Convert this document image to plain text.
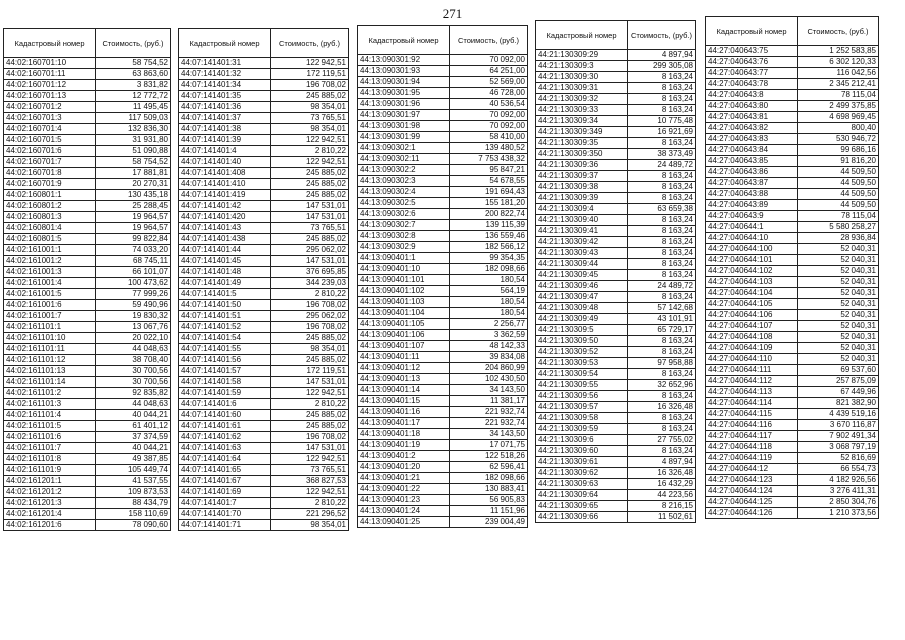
271
Кадастровый номер	Стоимость, (руб.)
44:02:160701:10	58 754,52
44:02:160701:11	63 863,60
44:02:160701:12	3 831,82
44:02:160701:13	12 772,72
44:02:160701:2	11 495,45
44:02:160701:3	117 509,03
44:02:160701:4	132 836,30
44:02:160701:5	31 931,80
44:02:160701:6	51 090,88
44:02:160701:7	58 754,52
44:02:160701:8	17 881,81
44:02:160701:9	20 270,31
44:02:160801:1	130 435,18
44:02:160801:2	25 288,45
44:02:160801:3	19 964,57
44:02:160801:4	19 964,57
44:02:160801:5	99 822,84
44:02:161001:1	74 033,20
44:02:161001:2	68 745,11
44:02:161001:3	66 101,07
44:02:161001:4	100 473,62
44:02:161001:5	77 999,26
44:02:161001:6	59 490,96
44:02:161001:7	19 830,32
44:02:161101:1	13 067,76
44:02:161101:10	20 022,10
44:02:161101:11	44 048,63
44:02:161101:12	38 708,40
44:02:161101:13	30 700,56
44:02:161101:14	30 700,56
44:02:161101:2	92 835,82
44:02:161101:3	44 048,63
44:02:161101:4	40 044,21
44:02:161101:5	61 401,12
44:02:161101:6	37 374,59
44:02:161101:7	40 044,21
44:02:161101:8	49 387,85
44:02:161101:9	105 449,74
44:02:161201:1	41 537,55
44:02:161201:2	109 873,53
44:02:161201:3	88 434,79
44:02:161201:4	158 110,69
44:02:161201:6	78 090,60
Кадастровый номер	Стоимость, (руб.)
44:07:141401:31	122 942,51
44:07:141401:32	172 119,51
44:07:141401:34	196 708,02
44:07:141401:35	245 885,02
44:07:141401:36	98 354,01
44:07:141401:37	73 765,51
44:07:141401:38	98 354,01
44:07:141401:39	122 942,51
44:07:141401:4	2 810,22
44:07:141401:40	122 942,51
44:07:141401:408	245 885,02
44:07:141401:410	245 885,02
44:07:141401:419	245 885,02
44:07:141401:42	147 531,01
44:07:141401:420	147 531,01
44:07:141401:43	73 765,51
44:07:141401:438	245 885,02
44:07:141401:44	295 062,02
44:07:141401:45	147 531,01
44:07:141401:48	376 695,85
44:07:141401:49	344 239,03
44:07:141401:5	2 810,22
44:07:141401:50	196 708,02
44:07:141401:51	295 062,02
44:07:141401:52	196 708,02
44:07:141401:54	245 885,02
44:07:141401:55	98 354,01
44:07:141401:56	245 885,02
44:07:141401:57	172 119,51
44:07:141401:58	147 531,01
44:07:141401:59	122 942,51
44:07:141401:6	2 810,22
44:07:141401:60	245 885,02
44:07:141401:61	245 885,02
44:07:141401:62	196 708,02
44:07:141401:63	147 531,01
44:07:141401:64	122 942,51
44:07:141401:65	73 765,51
44:07:141401:67	368 827,53
44:07:141401:69	122 942,51
44:07:141401:7	2 810,22
44:07:141401:70	221 296,52
44:07:141401:71	98 354,01
Кадастровый номер	Стоимость, (руб.)
44:13:090301:92	70 092,00
44:13:090301:93	64 251,00
44:13:090301:94	52 569,00
44:13:090301:95	46 728,00
44:13:090301:96	40 536,54
44:13:090301:97	70 092,00
44:13:090301:98	70 092,00
44:13:090301:99	58 410,00
44:13:090302:1	139 480,52
44:13:090302:11	7 753 438,32
44:13:090302:2	95 847,21
44:13:090302:3	54 678,55
44:13:090302:4	191 694,43
44:13:090302:5	155 181,20
44:13:090302:6	200 822,74
44:13:090302:7	139 115,39
44:13:090302:8	136 559,46
44:13:090302:9	182 566,12
44:13:090401:1	99 354,35
44:13:090401:10	182 098,66
44:13:090401:101	180,54
44:13:090401:102	564,19
44:13:090401:103	180,54
44:13:090401:104	180,54
44:13:090401:105	2 256,77
44:13:090401:106	3 362,59
44:13:090401:107	48 142,33
44:13:090401:11	39 834,08
44:13:090401:12	204 860,99
44:13:090401:13	102 430,50
44:13:090401:14	34 143,50
44:13:090401:15	11 381,17
44:13:090401:16	221 932,74
44:13:090401:17	221 932,74
44:13:090401:18	34 143,50
44:13:090401:19	17 071,75
44:13:090401:2	122 518,26
44:13:090401:20	62 596,41
44:13:090401:21	182 098,66
44:13:090401:22	130 883,41
44:13:090401:23	56 905,83
44:13:090401:24	11 151,96
44:13:090401:25	239 004,49
Кадастровый номер	Стоимость, (руб.)
44:21:130309:29	4 897,94
44:21:130309:3	299 305,08
44:21:130309:30	8 163,24
44:21:130309:31	8 163,24
44:21:130309:32	8 163,24
44:21:130309:33	8 163,24
44:21:130309:34	10 775,48
44:21:130309:349	16 921,69
44:21:130309:35	8 163,24
44:21:130309:350	38 373,49
44:21:130309:36	24 489,72
44:21:130309:37	8 163,24
44:21:130309:38	8 163,24
44:21:130309:39	8 163,24
44:21:130309:4	63 659,38
44:21:130309:40	8 163,24
44:21:130309:41	8 163,24
44:21:130309:42	8 163,24
44:21:130309:43	8 163,24
44:21:130309:44	8 163,24
44:21:130309:45	8 163,24
44:21:130309:46	24 489,72
44:21:130309:47	8 163,24
44:21:130309:48	57 142,68
44:21:130309:49	43 101,91
44:21:130309:5	65 729,17
44:21:130309:50	8 163,24
44:21:130309:52	8 163,24
44:21:130309:53	97 958,88
44:21:130309:54	8 163,24
44:21:130309:55	32 652,96
44:21:130309:56	8 163,24
44:21:130309:57	16 326,48
44:21:130309:58	8 163,24
44:21:130309:59	8 163,24
44:21:130309:6	27 755,02
44:21:130309:60	8 163,24
44:21:130309:61	4 897,94
44:21:130309:62	16 326,48
44:21:130309:63	16 432,29
44:21:130309:64	44 223,56
44:21:130309:65	8 216,15
44:21:130309:66	11 502,61
Кадастровый номер	Стоимость, (руб.)
44:27:040643:75	1 252 583,85
44:27:040643:76	6 302 120,33
44:27:040643:77	116 042,56
44:27:040643:78	2 345 212,41
44:27:040643:8	78 115,04
44:27:040643:80	2 499 375,85
44:27:040643:81	4 698 969,45
44:27:040643:82	800,40
44:27:040643:83	530 946,72
44:27:040643:84	99 686,16
44:27:040643:85	91 816,20
44:27:040643:86	44 509,50
44:27:040643:87	44 509,50
44:27:040643:88	44 509,50
44:27:040643:89	44 509,50
44:27:040643:9	78 115,04
44:27:040644:1	5 580 258,27
44:27:040644:10	28 936,84
44:27:040644:100	52 040,31
44:27:040644:101	52 040,31
44:27:040644:102	52 040,31
44:27:040644:103	52 040,31
44:27:040644:104	52 040,31
44:27:040644:105	52 040,31
44:27:040644:106	52 040,31
44:27:040644:107	52 040,31
44:27:040644:108	52 040,31
44:27:040644:109	52 040,31
44:27:040644:110	52 040,31
44:27:040644:111	69 537,60
44:27:040644:112	257 875,09
44:27:040644:113	67 449,96
44:27:040644:114	821 382,90
44:27:040644:115	4 439 519,16
44:27:040644:116	3 670 116,87
44:27:040644:117	7 902 491,34
44:27:040644:118	3 068 797,19
44:27:040644:119	52 816,69
44:27:040644:12	66 554,73
44:27:040644:123	4 182 926,56
44:27:040644:124	3 276 411,31
44:27:040644:125	2 850 304,76
44:27:040644:126	1 210 373,56
